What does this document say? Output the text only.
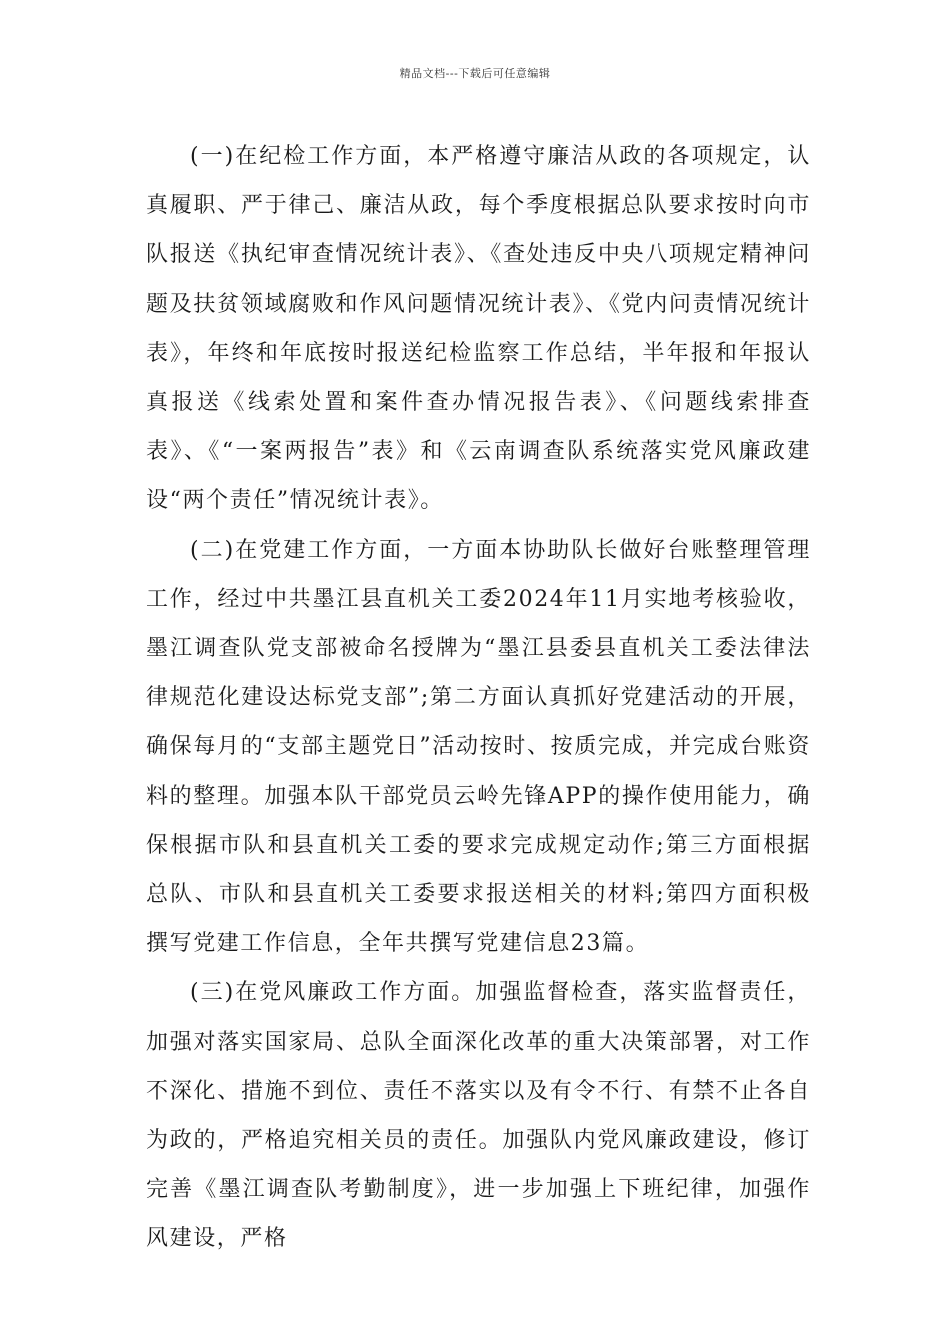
精品文档---下载后可任意编辑

(一)在纪检工作方面，本严格遵守廉洁从政的各项规定，认真履职、严于律己、廉洁从政，每个季度根据总队要求按时向市队报送《执纪审查情况统计表》、《查处违反中央八项规定精神问题及扶贫领域腐败和作风问题情况统计表》、《党内问责情况统计表》，年终和年底按时报送纪检监察工作总结，半年报和年报认真报送《线索处置和案件查办情况报告表》、《问题线索排查表》、《“一案两报告”表》和《云南调查队系统落实党风廉政建设“两个责任”情况统计表》。

(二)在党建工作方面，一方面本协助队长做好台账整理管理工作，经过中共墨江县直机关工委2024年11月实地考核验收，墨江调查队党支部被命名授牌为“墨江县委县直机关工委法律法律规范化建设达标党支部”;第二方面认真抓好党建活动的开展，确保每月的“支部主题党日”活动按时、按质完成，并完成台账资料的整理。加强本队干部党员云岭先锋APP的操作使用能力，确保根据市队和县直机关工委的要求完成规定动作;第三方面根据总队、市队和县直机关工委要求报送相关的材料;第四方面积极撰写党建工作信息，全年共撰写党建信息23篇。

(三)在党风廉政工作方面。加强监督检查，落实监督责任，加强对落实国家局、总队全面深化改革的重大决策部署，对工作不深化、措施不到位、责任不落实以及有令不行、有禁不止各自为政的，严格追究相关员的责任。加强队内党风廉政建设，修订完善《墨江调查队考勤制度》，进一步加强上下班纪律，加强作风建设，严格
